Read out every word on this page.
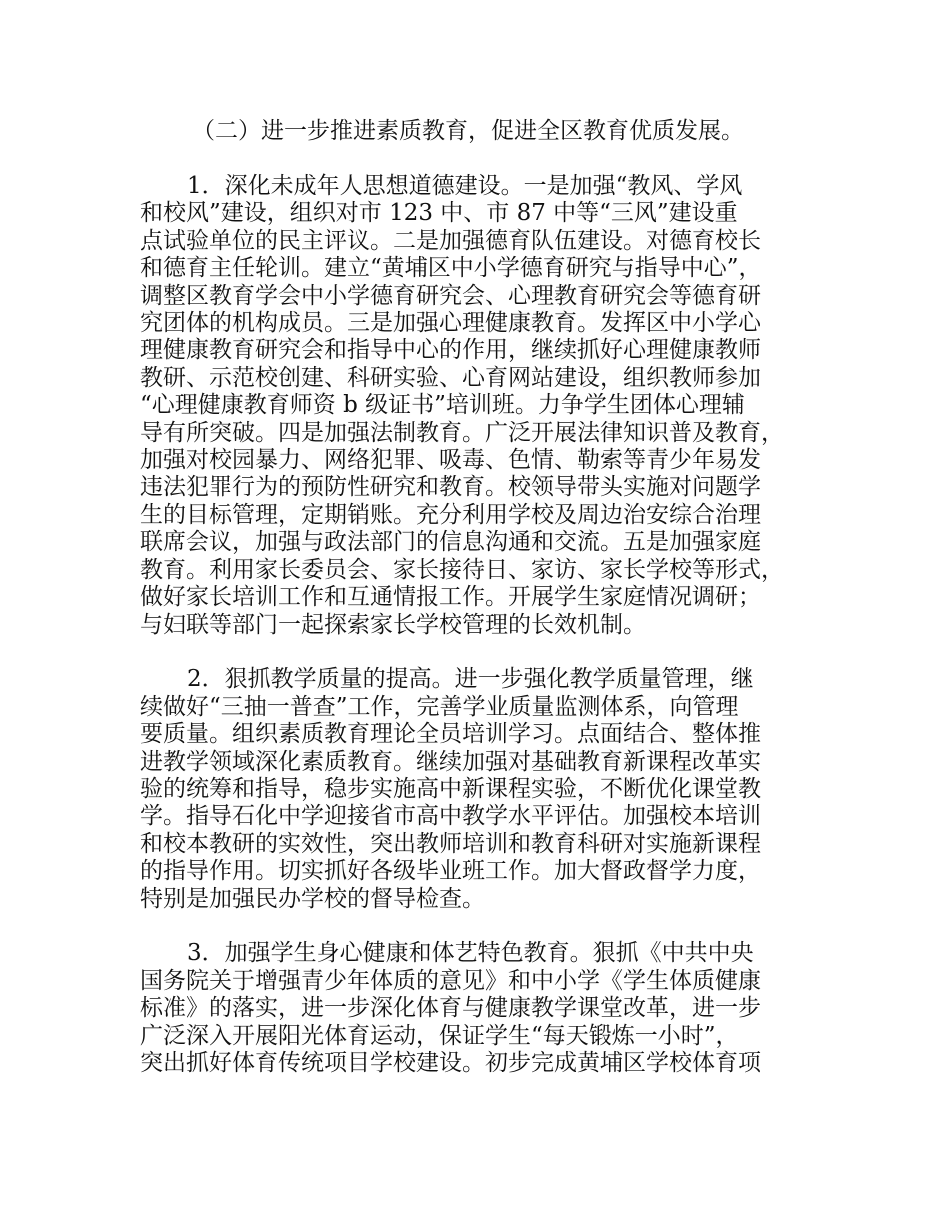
（二）进一步推进素质教育，促进全区教育优质发展。
1．深化未成年人思想道德建设。一是加强“教风、学风
和校风”建设，组织对市 123 中、市 87 中等“三风”建设重
点试验单位的民主评议。二是加强德育队伍建设。对德育校长
和德育主任轮训。建立“黄埔区中小学德育研究与指导中心”，
调整区教育学会中小学德育研究会、心理教育研究会等德育研
究团体的机构成员。三是加强心理健康教育。发挥区中小学心
理健康教育研究会和指导中心的作用，继续抓好心理健康教师
教研、示范校创建、科研实验、心育网站建设，组织教师参加
“心理健康教育师资 b 级证书”培训班。力争学生团体心理辅
导有所突破。四是加强法制教育。广泛开展法律知识普及教育，
加强对校园暴力、网络犯罪、吸毒、色情、勒索等青少年易发
违法犯罪行为的预防性研究和教育。校领导带头实施对问题学
生的目标管理，定期销账。充分利用学校及周边治安综合治理
联席会议，加强与政法部门的信息沟通和交流。五是加强家庭
教育。利用家长委员会、家长接待日、家访、家长学校等形式，
做好家长培训工作和互通情报工作。开展学生家庭情况调研；
与妇联等部门一起探索家长学校管理的长效机制。
2．狠抓教学质量的提高。进一步强化教学质量管理，继
续做好“三抽一普查”工作，完善学业质量监测体系，向管理
要质量。组织素质教育理论全员培训学习。点面结合、整体推
进教学领域深化素质教育。继续加强对基础教育新课程改革实
验的统筹和指导，稳步实施高中新课程实验，不断优化课堂教
学。指导石化中学迎接省市高中教学水平评估。加强校本培训
和校本教研的实效性，突出教师培训和教育科研对实施新课程
的指导作用。切实抓好各级毕业班工作。加大督政督学力度，
特别是加强民办学校的督导检查。
3．加强学生身心健康和体艺特色教育。狠抓《中共中央
国务院关于增强青少年体质的意见》和中小学《学生体质健康
标准》的落实，进一步深化体育与健康教学课堂改革，进一步
广泛深入开展阳光体育运动，保证学生“每天锻炼一小时”，
突出抓好体育传统项目学校建设。初步完成黄埔区学校体育项
